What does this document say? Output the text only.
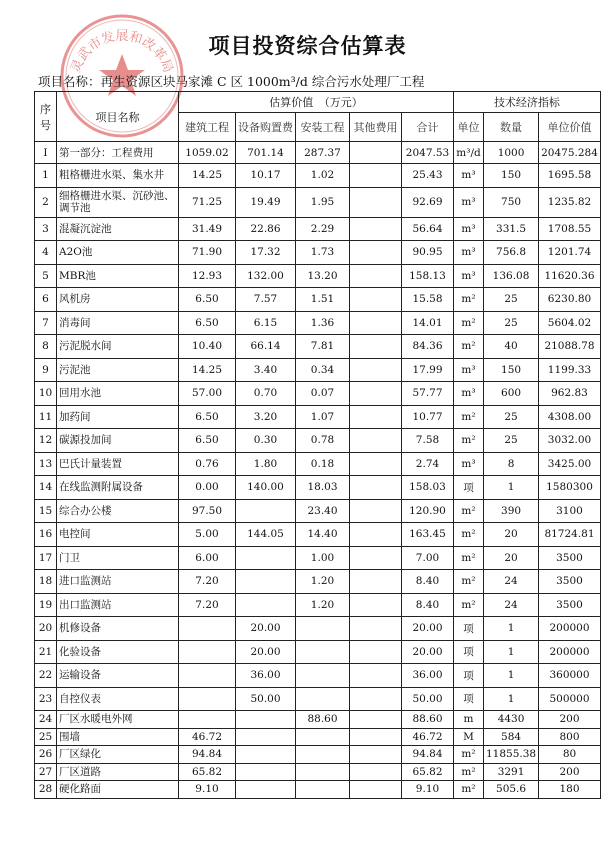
项目投资综合估算表
灵武市发展和改革局
项目名称：再生资源区块马家滩 C 区 1000m³/d 综合污水处理厂工程
序号	项目名称	估算价值　（万元）					技术经济指标		
		建筑工程	设备购置费	安装工程	其他费用	合计	单位	数量	单位价值
Ⅰ	第一部分：工程费用	1059.02	701.14	287.37		2047.53	m³/d	1000	20475.284
1	粗格栅进水渠、集水井	14.25	10.17	1.02		25.43	m³	150	1695.58
2	细格栅进水渠、沉砂池、调节池	71.25	19.49	1.95		92.69	m³	750	1235.82
3	混凝沉淀池	31.49	22.86	2.29		56.64	m³	331.5	1708.55
4	A2O池	71.90	17.32	1.73		90.95	m³	756.8	1201.74
5	MBR池	12.93	132.00	13.20		158.13	m³	136.08	11620.36
6	风机房	6.50	7.57	1.51		15.58	m²	25	6230.80
7	消毒间	6.50	6.15	1.36		14.01	m²	25	5604.02
8	污泥脱水间	10.40	66.14	7.81		84.36	m²	40	21088.78
9	污泥池	14.25	3.40	0.34		17.99	m³	150	1199.33
10	回用水池	57.00	0.70	0.07		57.77	m³	600	962.83
11	加药间	6.50	3.20	1.07		10.77	m²	25	4308.00
12	碳源投加间	6.50	0.30	0.78		7.58	m²	25	3032.00
13	巴氏计量装置	0.76	1.80	0.18		2.74	m³	8	3425.00
14	在线监测附属设备	0.00	140.00	18.03		158.03	项	1	1580300
15	综合办公楼	97.50		23.40		120.90	m²	390	3100
16	电控间	5.00	144.05	14.40		163.45	m²	20	81724.81
17	门卫	6.00		1.00		7.00	m²	20	3500
18	进口监测站	7.20		1.20		8.40	m²	24	3500
19	出口监测站	7.20		1.20		8.40	m²	24	3500
20	机修设备		20.00			20.00	项	1	200000
21	化验设备		20.00			20.00	项	1	200000
22	运输设备		36.00			36.00	项	1	360000
23	自控仪表		50.00			50.00	项	1	500000
24	厂区水暖电外网			88.60		88.60	m	4430	200
25	围墙	46.72				46.72	M	584	800
26	厂区绿化	94.84				94.84	m²	11855.38	80
27	厂区道路	65.82				65.82	m²	3291	200
28	硬化路面	9.10				9.10	m²	505.6	180
